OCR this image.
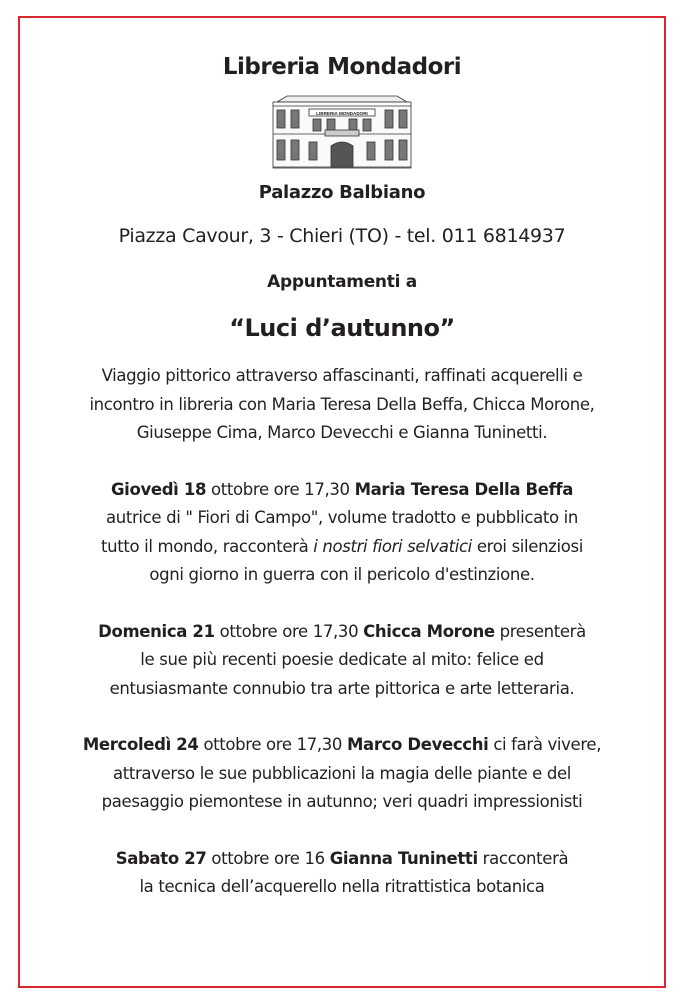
Libreria Mondadori
LIBRERIA MONDADORI
Palazzo Balbiano
Piazza Cavour, 3 - Chieri (TO) - tel. 011 6814937
Appuntamenti a
“Luci d’autunno”
Viaggio pittorico attraverso affascinanti, raffinati acquerelli e
incontro in libreria con Maria Teresa Della Beffa, Chicca Morone,
Giuseppe Cima, Marco Devecchi e Gianna Tuninetti.
Giovedì 18 ottobre ore 17,30 Maria Teresa Della Beffa
autrice di " Fiori di Campo", volume tradotto e pubblicato in
tutto il mondo, racconterà i nostri fiori selvatici eroi silenziosi
ogni giorno in guerra con il pericolo d'estinzione.
Domenica 21 ottobre ore 17,30 Chicca Morone presenterà
le sue più recenti poesie dedicate al mito: felice ed
entusiasmante connubio tra arte pittorica e arte letteraria.
Mercoledì 24 ottobre ore 17,30 Marco Devecchi ci farà vivere,
attraverso le sue pubblicazioni la magia delle piante e del
paesaggio piemontese in autunno; veri quadri impressionisti
Sabato 27 ottobre ore 16 Gianna Tuninetti racconterà
la tecnica dell’acquerello nella ritrattistica botanica
